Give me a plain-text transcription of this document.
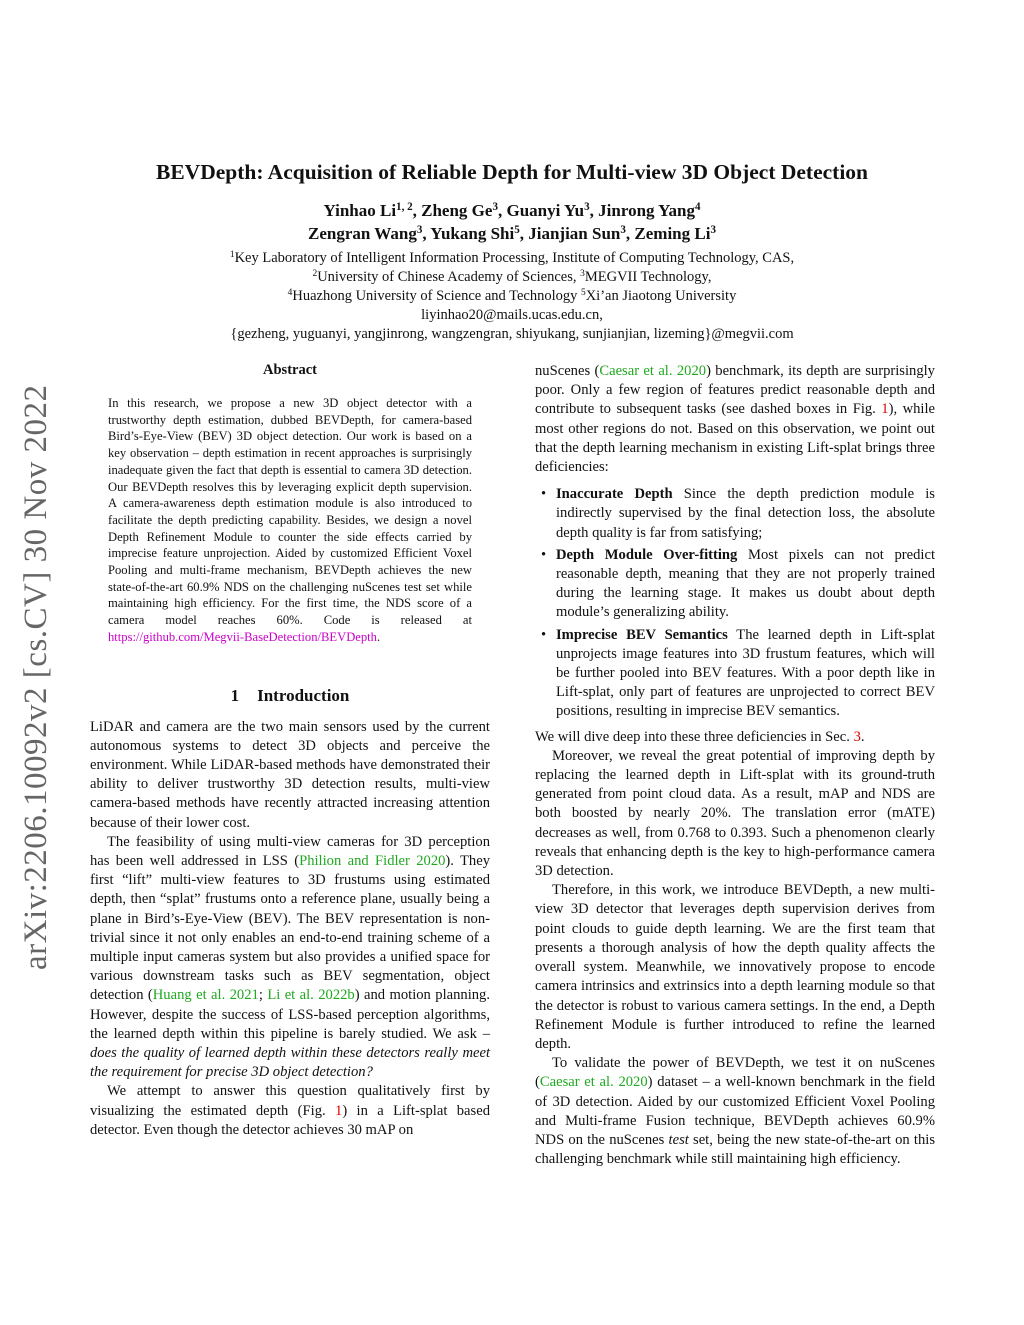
arXiv:2206.10092v2 [cs.CV] 30 Nov 2022
BEVDepth: Acquisition of Reliable Depth for Multi-view 3D Object Detection
Yinhao Li$^{1, 2}$, Zheng Ge$^3$, Guanyi Yu$^3$, Jinrong Yang$^4$
Zengran Wang$^3$, Yukang Shi$^5$, Jianjian Sun$^3$, Zeming Li$^3$
$^1$Key Laboratory of Intelligent Information Processing, Institute of Computing Technology, CAS,
$^2$University of Chinese Academy of Sciences, $^3$MEGVII Technology,
$^4$Huazhong University of Science and Technology $^5$Xi’an Jiaotong University
liyinhao20@mails.ucas.edu.cn,
{gezheng, yuguanyi, yangjinrong, wangzengran, shiyukang, sunjianjian, lizeming}@megvii.com
Abstract
In this research, we propose a new 3D object detector with a trustworthy depth estimation, dubbed BEVDepth, for camera-based Bird’s-Eye-View (BEV) 3D object detection. Our work is based on a key observation – depth estimation in recent approaches is surprisingly inadequate given the fact that depth is essential to camera 3D detection. Our BEVDepth resolves this by leveraging explicit depth supervision. A camera-awareness depth estimation module is also introduced to facilitate the depth predicting capability. Besides, we design a novel Depth Refinement Module to counter the side effects carried by imprecise feature unprojection. Aided by customized Efficient Voxel Pooling and multi-frame mechanism, BEVDepth achieves the new state-of-the-art 60.9% NDS on the challenging nuScenes test set while maintaining high efficiency. For the first time, the NDS score of a camera model reaches 60%. Code is released at https://github.com/Megvii-BaseDetection/BEVDepth.
1 Introduction

LiDAR and camera are the two main sensors used by the current autonomous systems to detect 3D objects and perceive the environment. While LiDAR-based methods have demonstrated their ability to deliver trustworthy 3D detection results, multi-view camera-based methods have recently attracted increasing attention because of their lower cost.

The feasibility of using multi-view cameras for 3D perception has been well addressed in LSS (Philion and Fidler 2020). They first “lift” multi-view features to 3D frustums using estimated depth, then “splat” frustums onto a reference plane, usually being a plane in Bird’s-Eye-View (BEV). The BEV representation is non-trivial since it not only enables an end-to-end training scheme of a multiple input cameras system but also provides a unified space for various downstream tasks such as BEV segmentation, object detection (Huang et al. 2021; Li et al. 2022b) and motion planning. However, despite the success of LSS-based perception algorithms, the learned depth within this pipeline is barely studied. We ask – does the quality of learned depth within these detectors really meet the requirement for precise 3D object detection?

We attempt to answer this question qualitatively first by visualizing the estimated depth (Fig. 1) in a Lift-splat based detector. Even though the detector achieves 30 mAP on

nuScenes (Caesar et al. 2020) benchmark, its depth are surprisingly poor. Only a few region of features predict reasonable depth and contribute to subsequent tasks (see dashed boxes in Fig. 1), while most other regions do not. Based on this observation, we point out that the depth learning mechanism in existing Lift-splat brings three deficiencies:

• Inaccurate Depth Since the depth prediction module is indirectly supervised by the final detection loss, the absolute depth quality is far from satisfying;

• Depth Module Over-fitting Most pixels can not predict reasonable depth, meaning that they are not properly trained during the learning stage. It makes us doubt about depth module’s generalizing ability.

• Imprecise BEV Semantics The learned depth in Lift-splat unprojects image features into 3D frustum features, which will be further pooled into BEV features. With a poor depth like in Lift-splat, only part of features are unprojected to correct BEV positions, resulting in imprecise BEV semantics.

We will dive deep into these three deficiencies in Sec. 3.

Moreover, we reveal the great potential of improving depth by replacing the learned depth in Lift-splat with its ground-truth generated from point cloud data. As a result, mAP and NDS are both boosted by nearly 20%. The translation error (mATE) decreases as well, from 0.768 to 0.393. Such a phenomenon clearly reveals that enhancing depth is the key to high-performance camera 3D detection.

Therefore, in this work, we introduce BEVDepth, a new multi-view 3D detector that leverages depth supervision derives from point clouds to guide depth learning. We are the first team that presents a thorough analysis of how the depth quality affects the overall system. Meanwhile, we innovatively propose to encode camera intrinsics and extrinsics into a depth learning module so that the detector is robust to various camera settings. In the end, a Depth Refinement Module is further introduced to refine the learned depth.

To validate the power of BEVDepth, we test it on nuScenes (Caesar et al. 2020) dataset – a well-known benchmark in the field of 3D detection. Aided by our customized Efficient Voxel Pooling and Multi-frame Fusion technique, BEVDepth achieves 60.9% NDS on the nuScenes test set, being the new state-of-the-art on this challenging benchmark while still maintaining high efficiency.
